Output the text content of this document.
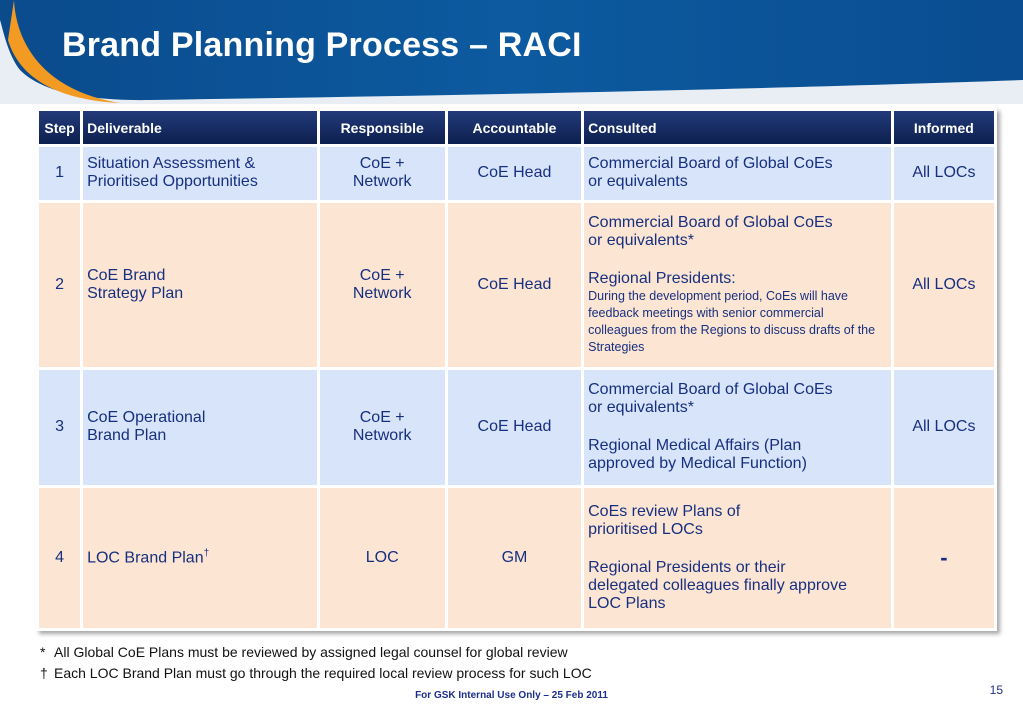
Brand Planning Process – RACI
Step	Deliverable	Responsible	Accountable	Consulted	Informed
1	Situation Assessment &
Prioritised Opportunities	CoE +
Network	CoE Head	Commercial Board of Global CoEs
or equivalents	All LOCs
2	CoE Brand
Strategy Plan	CoE +
Network	CoE Head	Commercial Board of Global CoEs
or equivalents*
Regional Presidents:
During the development period, CoEs will have feedback meetings with senior commercial colleagues from the Regions to discuss drafts of the Strategies	All LOCs
3	CoE Operational
Brand Plan	CoE +
Network	CoE Head	Commercial Board of Global CoEs
or equivalents*
Regional Medical Affairs (Plan
approved by Medical Function)	All LOCs
4	LOC Brand Plan†	LOC	GM	CoEs review Plans of
prioritised LOCs
Regional Presidents or their
delegated colleagues finally approve
LOC Plans	-
* All Global CoE Plans must be reviewed by assigned legal counsel for global review
† Each LOC Brand Plan must go through the required local review process for such LOC
For GSK Internal Use Only – 25 Feb 2011	15
